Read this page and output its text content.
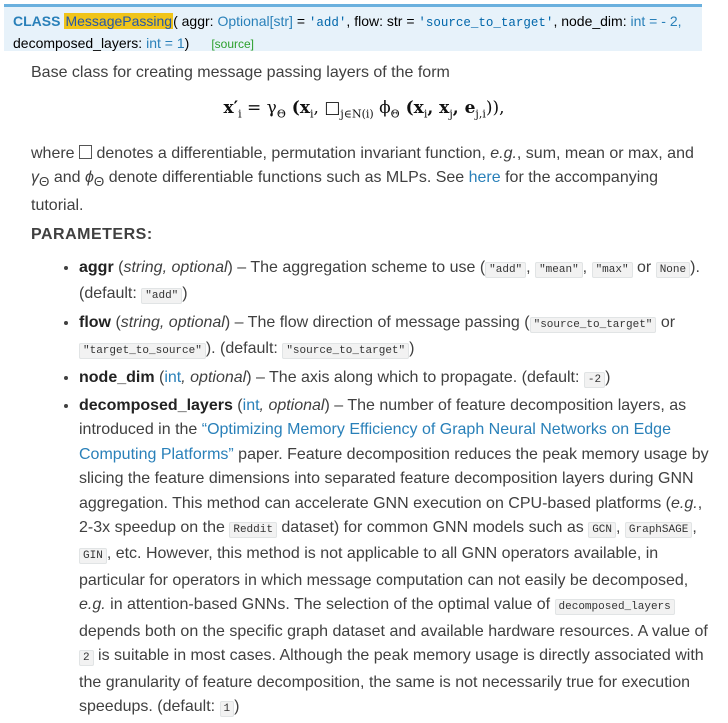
CLASS MessagePassing( aggr: Optional[str] = 'add', flow: str = 'source_to_target', node_dim: int = - 2,
decomposed_layers: int = 1) [source]
Base class for creating message passing layers of the form
$x'_i = \gamma_\Theta$ ($x_i$, $□_{j\in N(i)}$ $\phi_\Theta$ ($x_i$, $x_j$, $e_{j,i}$)),
where  denotes a differentiable, permutation invariant function, e.g., sum, mean or max, and $\gamma_\Theta$ and $\phi_\Theta$ denote differentiable functions such as MLPs. See here for the accompanying tutorial.
PARAMETERS:
• aggr (string, optional) – The aggregation scheme to use ( "add" , "mean" , "max" or None ). (default: "add" )
• flow (string, optional) – The flow direction of message passing ( "source_to_target" or "target_to_source" ). (default: "source_to_target" )
• node_dim (int, optional) – The axis along which to propagate. (default: -2 )
• decomposed_layers (int, optional) – The number of feature decomposition layers, as introduced in the “Optimizing Memory Efficiency of Graph Neural Networks on Edge Computing Platforms” paper. Feature decomposition reduces the peak memory usage by slicing the feature dimensions into separated feature decomposition layers during GNN aggregation. This method can accelerate GNN execution on CPU-based platforms (e.g., 2-3x speedup on the Reddit dataset) for common GNN models such as GCN , GraphSAGE , GIN , etc. However, this method is not applicable to all GNN operators available, in particular for operators in which message computation can not easily be decomposed, e.g. in attention-based GNNs. The selection of the optimal value of decomposed_layers depends both on the specific graph dataset and available hardware resources. A value of 2 is suitable in most cases. Although the peak memory usage is directly associated with the granularity of feature decomposition, the same is not necessarily true for execution speedups. (default: 1 )
